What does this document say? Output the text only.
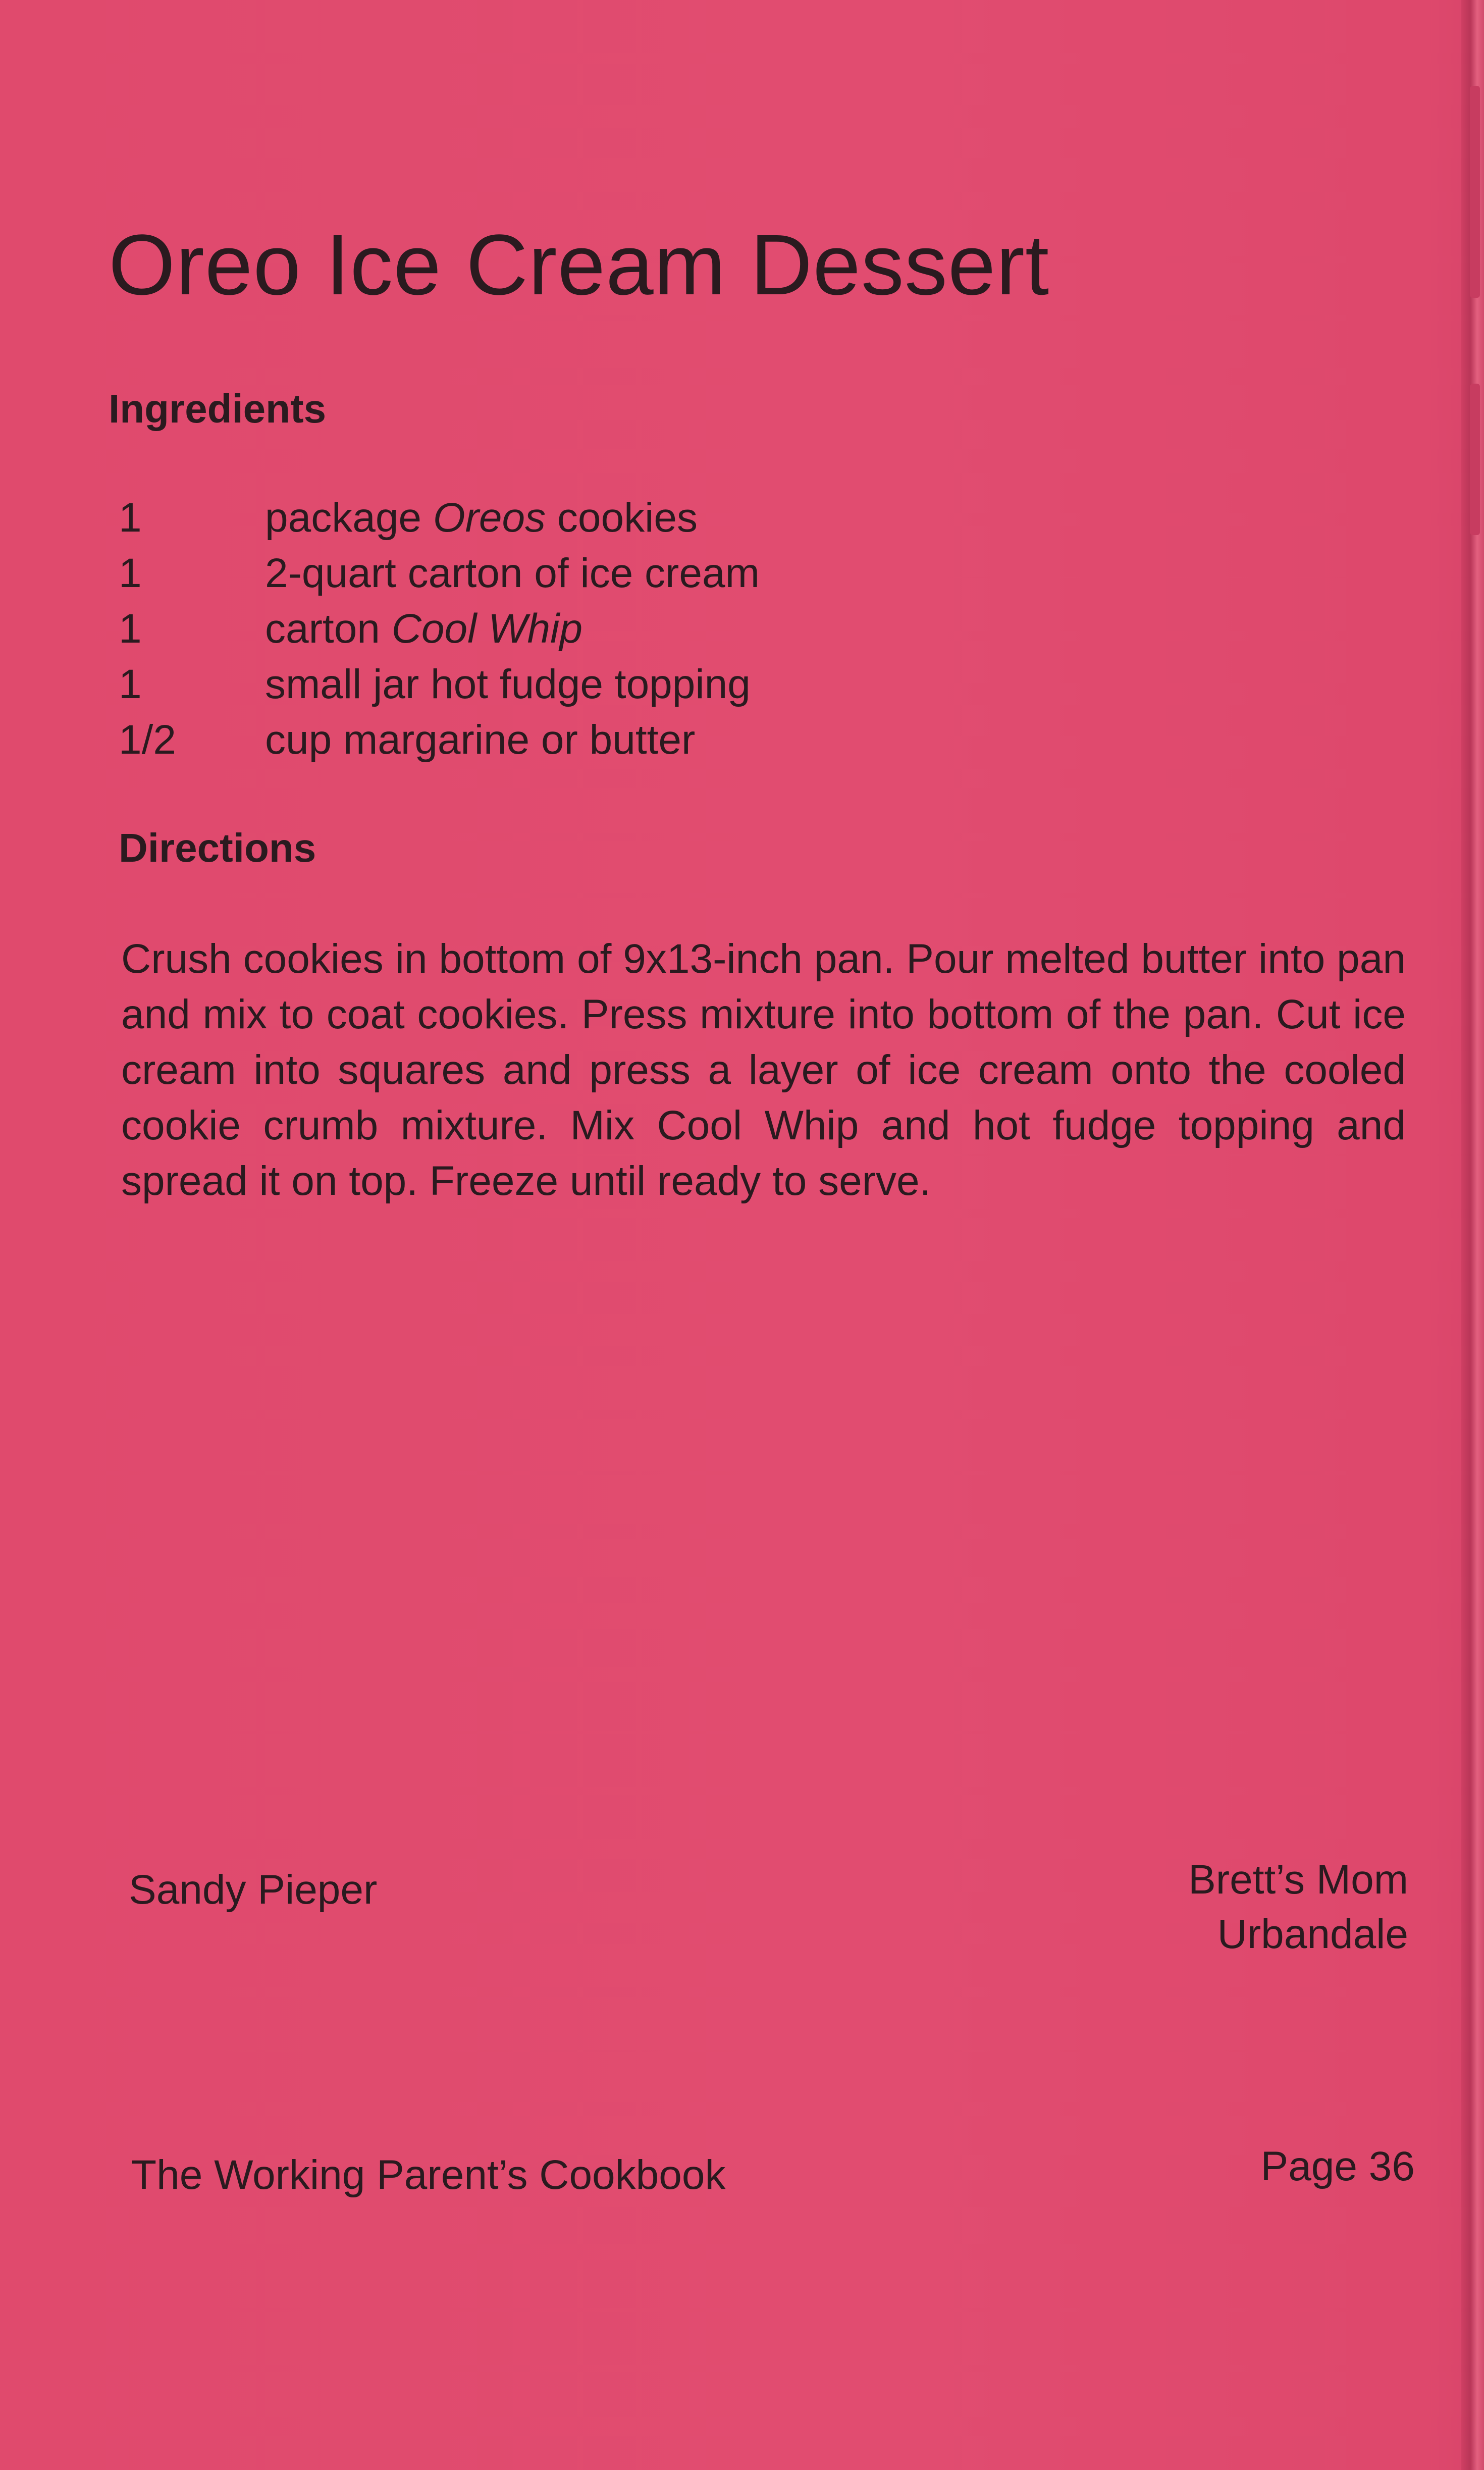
Oreo Ice Cream Dessert
Ingredients
1	package Oreos cookies
1	2-quart carton of ice cream
1	carton Cool Whip
1	small jar hot fudge topping
1/2 cup margarine or butter
Directions

Crush cookies in bottom of 9x13-inch pan. Pour melted butter into pan and mix to coat cookies. Press mixture into bottom of the pan. Cut ice cream into squares and press a layer of ice cream onto the cooled cookie crumb mixture. Mix Cool Whip and hot fudge topping and spread it on top. Freeze until ready to serve.

Sandy Pieper	Brett’s Mom
Urbandale
The Working Parent’s Cookbook	Page 36
